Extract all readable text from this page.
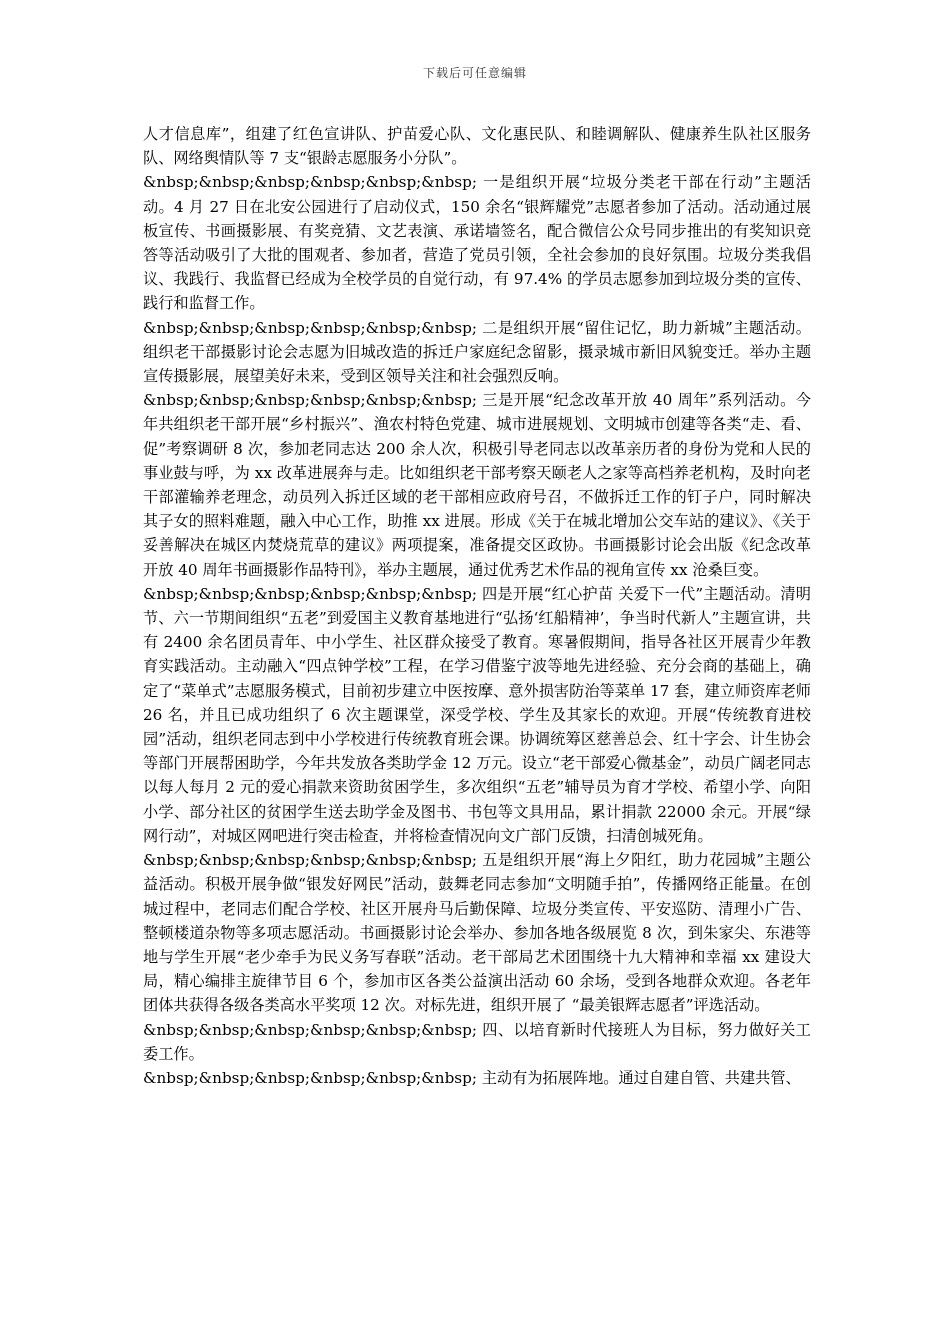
下载后可任意编辑

人才信息库”，组建了红色宣讲队、护苗爱心队、文化惠民队、和睦调解队、健康养生队社区服务队、网络舆情队等 7 支“银龄志愿服务小分队”。

&nbsp;&nbsp;&nbsp;&nbsp;&nbsp;&nbsp; 一是组织开展“垃圾分类老干部在行动”主题活动。4 月 27 日在北安公园进行了启动仪式，150 余名“银辉耀党”志愿者参加了活动。活动通过展板宣传、书画摄影展、有奖竞猜、文艺表演、承诺墙签名，配合微信公众号同步推出的有奖知识竞答等活动吸引了大批的围观者、参加者，营造了党员引领，全社会参加的良好氛围。垃圾分类我倡议、我践行、我监督已经成为全校学员的自觉行动，有 97.4% 的学员志愿参加到垃圾分类的宣传、践行和监督工作。

&nbsp;&nbsp;&nbsp;&nbsp;&nbsp;&nbsp; 二是组织开展“留住记忆，助力新城”主题活动。组织老干部摄影讨论会志愿为旧城改造的拆迁户家庭纪念留影，摄录城市新旧风貌变迁。举办主题宣传摄影展，展望美好未来，受到区领导关注和社会强烈反响。

&nbsp;&nbsp;&nbsp;&nbsp;&nbsp;&nbsp; 三是开展“纪念改革开放 40 周年”系列活动。今年共组织老干部开展“乡村振兴”、渔农村特色党建、城市进展规划、文明城市创建等各类“走、看、促”考察调研 8 次，参加老同志达 200 余人次，积极引导老同志以改革亲历者的身份为党和人民的事业鼓与呼，为 xx 改革进展奔与走。比如组织老干部考察天颐老人之家等高档养老机构，及时向老干部灌输养老理念，动员列入拆迁区域的老干部相应政府号召，不做拆迁工作的钉子户，同时解决其子女的照料难题，融入中心工作，助推 xx 进展。形成《关于在城北增加公交车站的建议》、《关于妥善解决在城区内焚烧荒草的建议》两项提案，准备提交区政协。书画摄影讨论会出版《纪念改革开放 40 周年书画摄影作品特刊》，举办主题展，通过优秀艺术作品的视角宣传 xx 沧桑巨变。

&nbsp;&nbsp;&nbsp;&nbsp;&nbsp;&nbsp; 四是开展“红心护苗 关爱下一代”主题活动。清明节、六一节期间组织“五老”到爱国主义教育基地进行“弘扬‘红船精神’，争当时代新人”主题宣讲，共有 2400 余名团员青年、中小学生、社区群众接受了教育。寒暑假期间，指导各社区开展青少年教育实践活动。主动融入“四点钟学校”工程，在学习借鉴宁波等地先进经验、充分会商的基础上，确定了“菜单式”志愿服务模式，目前初步建立中医按摩、意外损害防治等菜单 17 套，建立师资库老师 26 名，并且已成功组织了 6 次主题课堂，深受学校、学生及其家长的欢迎。开展“传统教育进校园”活动，组织老同志到中小学校进行传统教育班会课。协调统筹区慈善总会、红十字会、计生协会等部门开展帮困助学，今年共发放各类助学金 12 万元。设立“老干部爱心微基金”，动员广阔老同志以每人每月 2 元的爱心捐款来资助贫困学生，多次组织“五老”辅导员为育才学校、希望小学、向阳小学、部分社区的贫困学生送去助学金及图书、书包等文具用品，累计捐款 22000 余元。开展“绿网行动”，对城区网吧进行突击检查，并将检查情况向文广部门反馈，扫清创城死角。

&nbsp;&nbsp;&nbsp;&nbsp;&nbsp;&nbsp; 五是组织开展“海上夕阳红，助力花园城”主题公益活动。积极开展争做“银发好网民”活动，鼓舞老同志参加“文明随手拍”，传播网络正能量。在创城过程中，老同志们配合学校、社区开展舟马后勤保障、垃圾分类宣传、平安巡防、清理小广告、整顿楼道杂物等多项志愿活动。书画摄影讨论会举办、参加各地各级展览 8 次，到朱家尖、东港等地与学生开展“老少牵手为民义务写春联”活动。老干部局艺术团围绕十九大精神和幸福 xx 建设大局，精心编排主旋律节目 6 个，参加市区各类公益演出活动 60 余场，受到各地群众欢迎。各老年团体共获得各级各类高水平奖项 12 次。对标先进，组织开展了 “最美银辉志愿者”评选活动。

&nbsp;&nbsp;&nbsp;&nbsp;&nbsp;&nbsp; 四、以培育新时代接班人为目标，努力做好关工委工作。

&nbsp;&nbsp;&nbsp;&nbsp;&nbsp;&nbsp; 主动有为拓展阵地。通过自建自管、共建共管、
